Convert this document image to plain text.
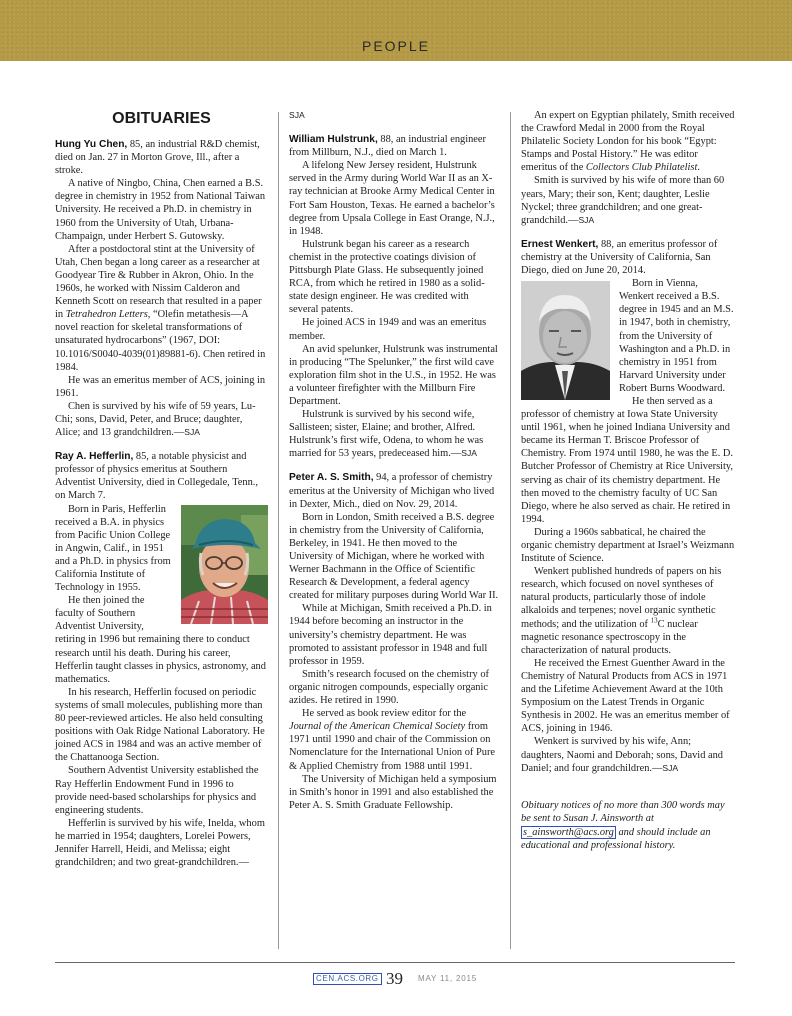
PEOPLE
OBITUARIES

Hung Yu Chen, 85, an industrial R&D chemist, died on Jan. 27 in Morton Grove, Ill., after a stroke.

A native of Ningbo, China, Chen earned a B.S. degree in chemistry in 1952 from National Taiwan University. He received a Ph.D. in chemistry in 1960 from the University of Utah, Urbana-Champaign, under Herbert S. Gutowsky.

After a postdoctoral stint at the University of Utah, Chen began a long career as a researcher at Goodyear Tire & Rubber in Akron, Ohio. In the 1960s, he worked with Nissim Calderon and Kenneth Scott on research that resulted in a paper in Tetrahedron Letters, “Olefin metathesis—A novel reaction for skeletal transformations of unsaturated hydrocarbons” (1967, DOI: 10.1016/S0040-4039(01)89881-6). Chen retired in 1984.

He was an emeritus member of ACS, joining in 1961.

Chen is survived by his wife of 59 years, Lu-Chi; sons, David, Peter, and Bruce; daughter, Alice; and 13 grandchildren.—SJA

Ray A. Hefferlin, 85, a notable physicist and professor of physics emeritus at Southern Adventist University, died in Collegedale, Tenn., on March 7.

Born in Paris, Hefferlin received a B.A. in physics from Pacific Union College in Angwin, Calif., in 1951 and a Ph.D. in physics from California Institute of Technology in 1955.

He then joined the faculty of Southern Adventist University, retiring in 1996 but remaining there to conduct research until his death. During his career, Hefferlin taught classes in physics, astronomy, and mathematics.

In his research, Hefferlin focused on periodic systems of small molecules, publishing more than 80 peer-reviewed articles. He also held consulting positions with Oak Ridge National Laboratory. He joined ACS in 1984 and was an active member of the Chattanooga Section.

Southern Adventist University established the Ray Hefferlin Endowment Fund in 1996 to provide need-based scholarships for physics and engineering students.

Hefferlin is survived by his wife, Inelda, whom he married in 1954; daughters, Lorelei Powers, Jennifer Harrell, Heidi, and Melissa; eight grandchildren; and two great-grandchildren.—

SJA

William Hulstrunk, 88, an industrial engineer from Millburn, N.J., died on March 1.

A lifelong New Jersey resident, Hulstrunk served in the Army during World War II as an X-ray technician at Brooke Army Medical Center in Fort Sam Houston, Texas. He earned a bachelor’s degree from Upsala College in East Orange, N.J., in 1948.

Hulstrunk began his career as a research chemist in the protective coatings division of Pittsburgh Plate Glass. He subsequently joined RCA, from which he retired in 1980 as a solid-state design engineer. He was credited with several patents.

He joined ACS in 1949 and was an emeritus member.

An avid spelunker, Hulstrunk was instrumental in producing “The Spelunker,” the first wild cave exploration film shot in the U.S., in 1952. He was a volunteer firefighter with the Millburn Fire Department.

Hulstrunk is survived by his second wife, Sallisteen; sister, Elaine; and brother, Alfred. Hulstrunk’s first wife, Odena, to whom he was married for 53 years, predeceased him.—SJA

Peter A. S. Smith, 94, a professor of chemistry emeritus at the University of Michigan who lived in Dexter, Mich., died on Nov. 29, 2014.

Born in London, Smith received a B.S. degree in chemistry from the University of California, Berkeley, in 1941. He then moved to the University of Michigan, where he worked with Werner Bachmann in the Office of Scientific Research & Development, a federal agency created for military purposes during World War II.

While at Michigan, Smith received a Ph.D. in 1944 before becoming an instructor in the university’s chemistry department. He was promoted to assistant professor in 1948 and full professor in 1959.

Smith’s research focused on the chemistry of organic nitrogen compounds, especially organic azides. He retired in 1990.

He served as book review editor for the Journal of the American Chemical Society from 1971 until 1990 and chair of the Commission on Nomenclature for the International Union of Pure & Applied Chemistry from 1988 until 1991.

The University of Michigan held a symposium in Smith’s honor in 1991 and also established the Peter A. S. Smith Graduate Fellowship.

An expert on Egyptian philately, Smith received the Crawford Medal in 2000 from the Royal Philatelic Society London for his book “Egypt: Stamps and Postal History.” He was editor emeritus of the Collectors Club Philatelist.

Smith is survived by his wife of more than 60 years, Mary; their son, Kent; daughter, Leslie Nyckel; three grandchildren; and one great-grandchild.—SJA

Ernest Wenkert, 88, an emeritus professor of chemistry at the University of California, San Diego, died on June 20, 2014.

Born in Vienna, Wenkert received a B.S. degree in 1945 and an M.S. in 1947, both in chemistry, from the University of Washington and a Ph.D. in chemistry in 1951 from Harvard University under Robert Burns Woodward.

He then served as a professor of chemistry at Iowa State University until 1961, when he joined Indiana University and became its Herman T. Briscoe Professor of Chemistry. From 1974 until 1980, he was the E. D. Butcher Professor of Chemistry at Rice University, serving as chair of its chemistry department. He then moved to the chemistry faculty of UC San Diego, where he also served as chair. He retired in 1994.

During a 1960s sabbatical, he chaired the organic chemistry department at Israel’s Weizmann Institute of Science.

Wenkert published hundreds of papers on his research, which focused on novel syntheses of natural products, particularly those of indole alkaloids and terpenes; novel organic synthetic methods; and the utilization of $^{13}$C nuclear magnetic resonance spectroscopy in the characterization of natural products.

He received the Ernest Guenther Award in the Chemistry of Natural Products from ACS in 1971 and the Lifetime Achievement Award at the 10th Symposium on the Latest Trends in Organic Synthesis in 2002. He was an emeritus member of ACS, joining in 1946.

Wenkert is survived by his wife, Ann; daughters, Naomi and Deborah; sons, David and Daniel; and four grandchildren.—SJA

Obituary notices of no more than 300 words may be sent to Susan J. Ainsworth at s_ainsworth@acs.org and should include an educational and professional history.

CEN.ACS.ORG 39 MAY 11, 2015
